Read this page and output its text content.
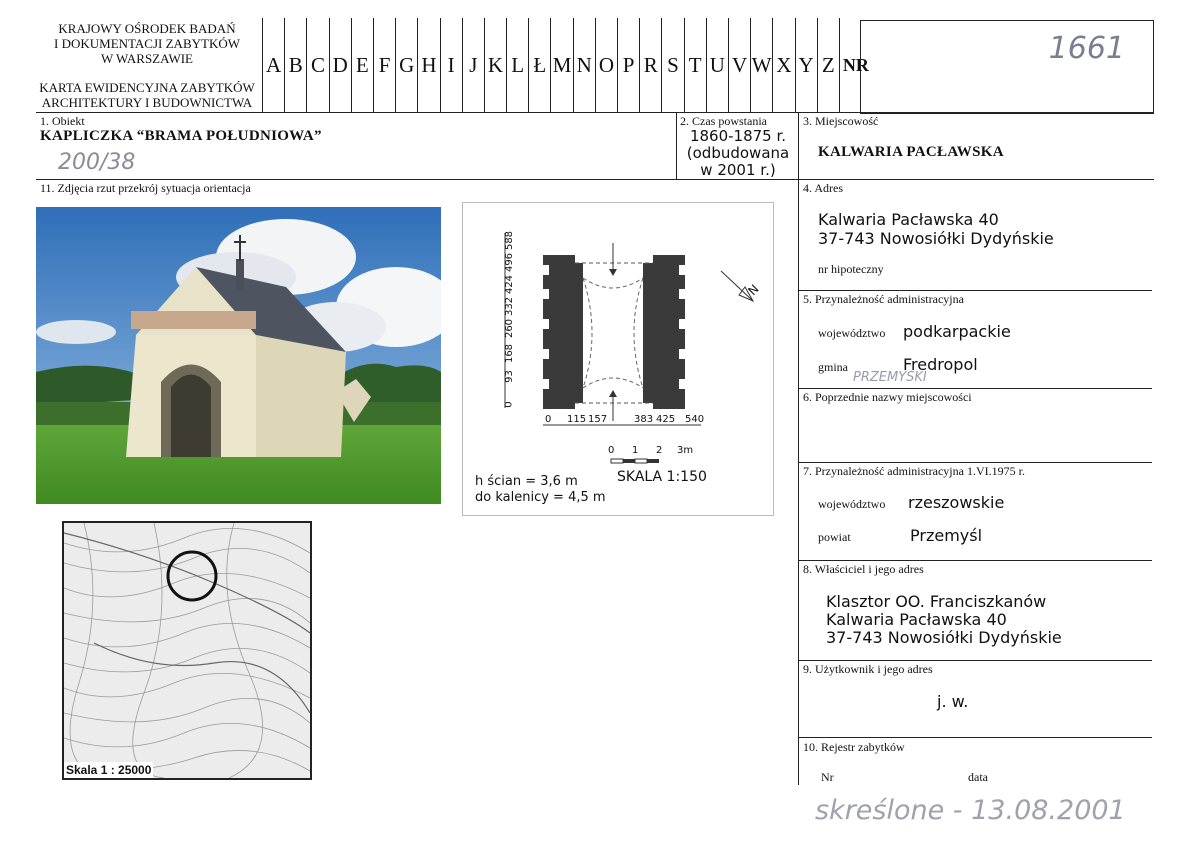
KRAJOWY OŚRODEK BADAŃ
I DOKUMENTACJI ZABYTKÓW
W WARSZAWIE
KARTA EWIDENCYJNA ZABYTKÓW
ARCHITEKTURY I BUDOWNICTWA
A B C D E F G H I J K L Ł M N O P R S T U V W X Y Z NR	1661
1. Obiekt
KAPLICZKA “BRAMA POŁUDNIOWA”
200/38
2. Czas powstania
1860-1875 r.
(odbudowana
w 2001 r.)
11. Zdjęcia rzut przekrój sytuacja orientacja
0
93
168
260
332
424
496
588
0 115 157	383 425 540
N
0 1 2 3m
SKALA 1:150
h ścian = 3,6 m
do kalenicy = 4,5 m
Skala 1 : 25000
3. Miejscowość
KALWARIA PACŁAWSKA
4. Adres
Kalwaria Pacławska 40
37-743 Nowosiółki Dydyńskie
nr hipoteczny
5. Przynależność administracyjna
województwo podkarpackie
gmina	Fredropol
PRZEMYSKI
6. Poprzednie nazwy miejscowości
7. Przynależność administracyjna 1.VI.1975 r.
województwo rzeszowskie
powiat	Przemyśl
8. Właściciel i jego adres
Klasztor OO. Franciszkanów
Kalwaria Pacławska 40
37-743 Nowosiółki Dydyńskie
9. Użytkownik i jego adres
j. w.
10. Rejestr zabytków
Nr	data
skreślone - 13.08.2001
